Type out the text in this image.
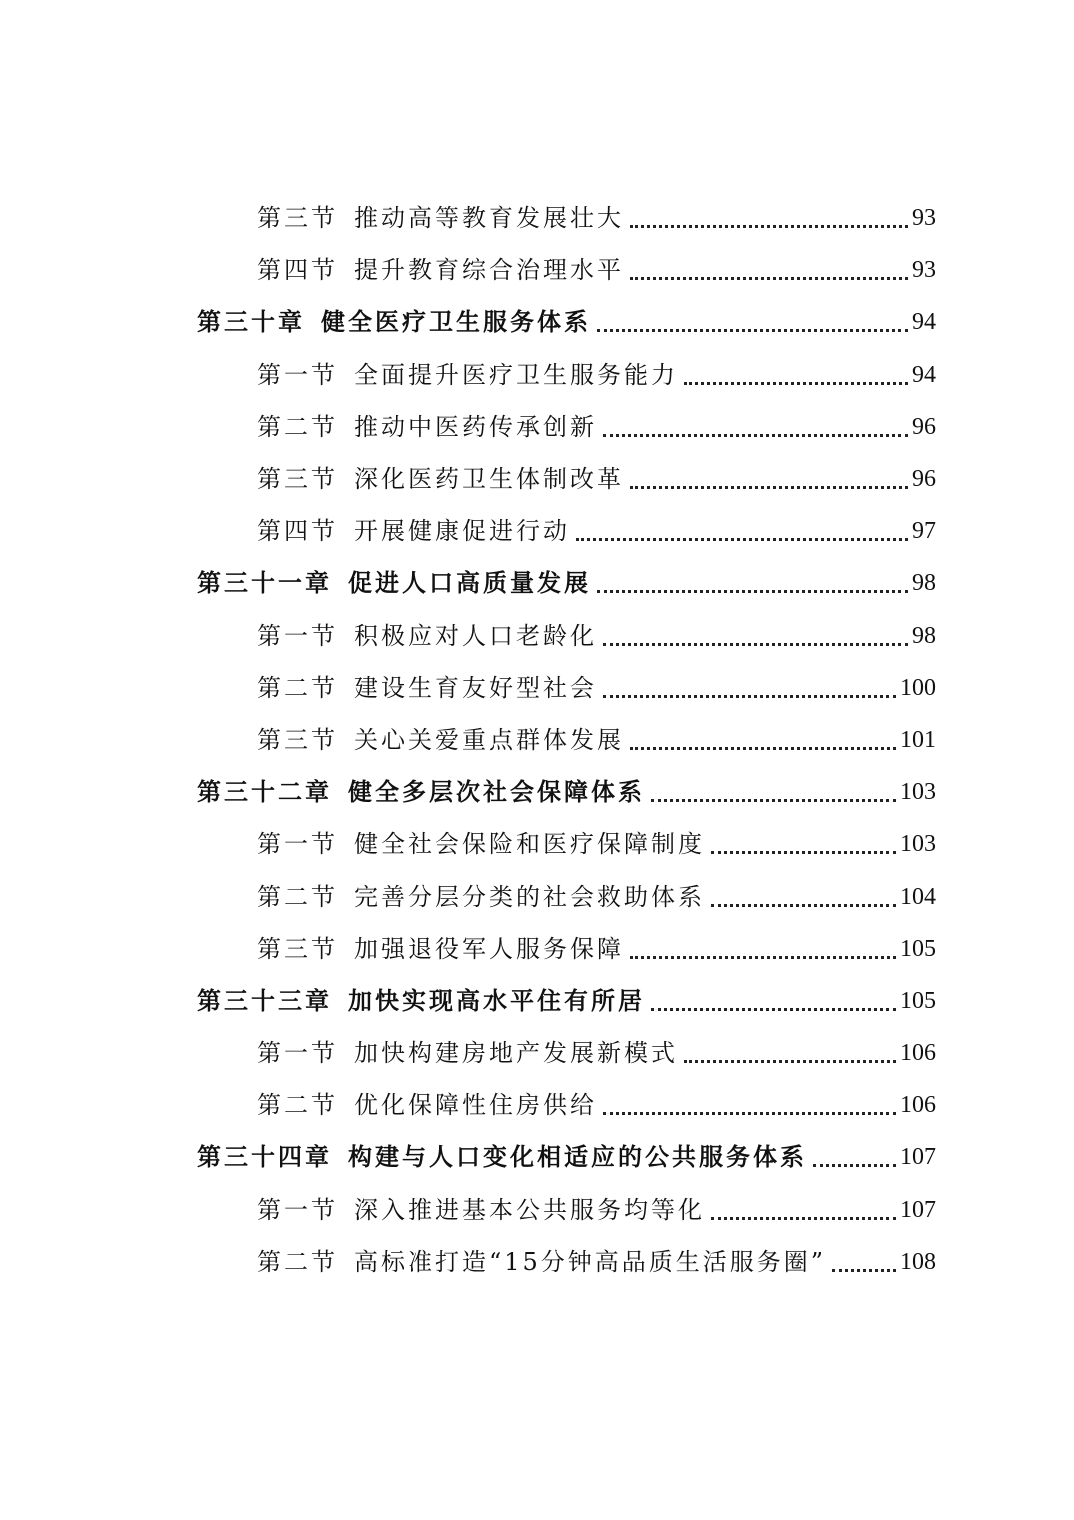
第三节 推动高等教育发展壮大	93
第四节 提升教育综合治理水平	93
第三十章 健全医疗卫生服务体系	94
第一节 全面提升医疗卫生服务能力	94
第二节 推动中医药传承创新	96
第三节 深化医药卫生体制改革	96
第四节 开展健康促进行动	97
第三十一章 促进人口高质量发展	98
第一节 积极应对人口老龄化	98
第二节 建设生育友好型社会	100
第三节 关心关爱重点群体发展	101
第三十二章 健全多层次社会保障体系	103
第一节 健全社会保险和医疗保障制度	103
第二节 完善分层分类的社会救助体系	104
第三节 加强退役军人服务保障	105
第三十三章 加快实现高水平住有所居	105
第一节 加快构建房地产发展新模式	106
第二节 优化保障性住房供给	106
第三十四章 构建与人口变化相适应的公共服务体系	107
第一节 深入推进基本公共服务均等化	107
第二节 高标准打造“15分钟高品质生活服务圈”	108
